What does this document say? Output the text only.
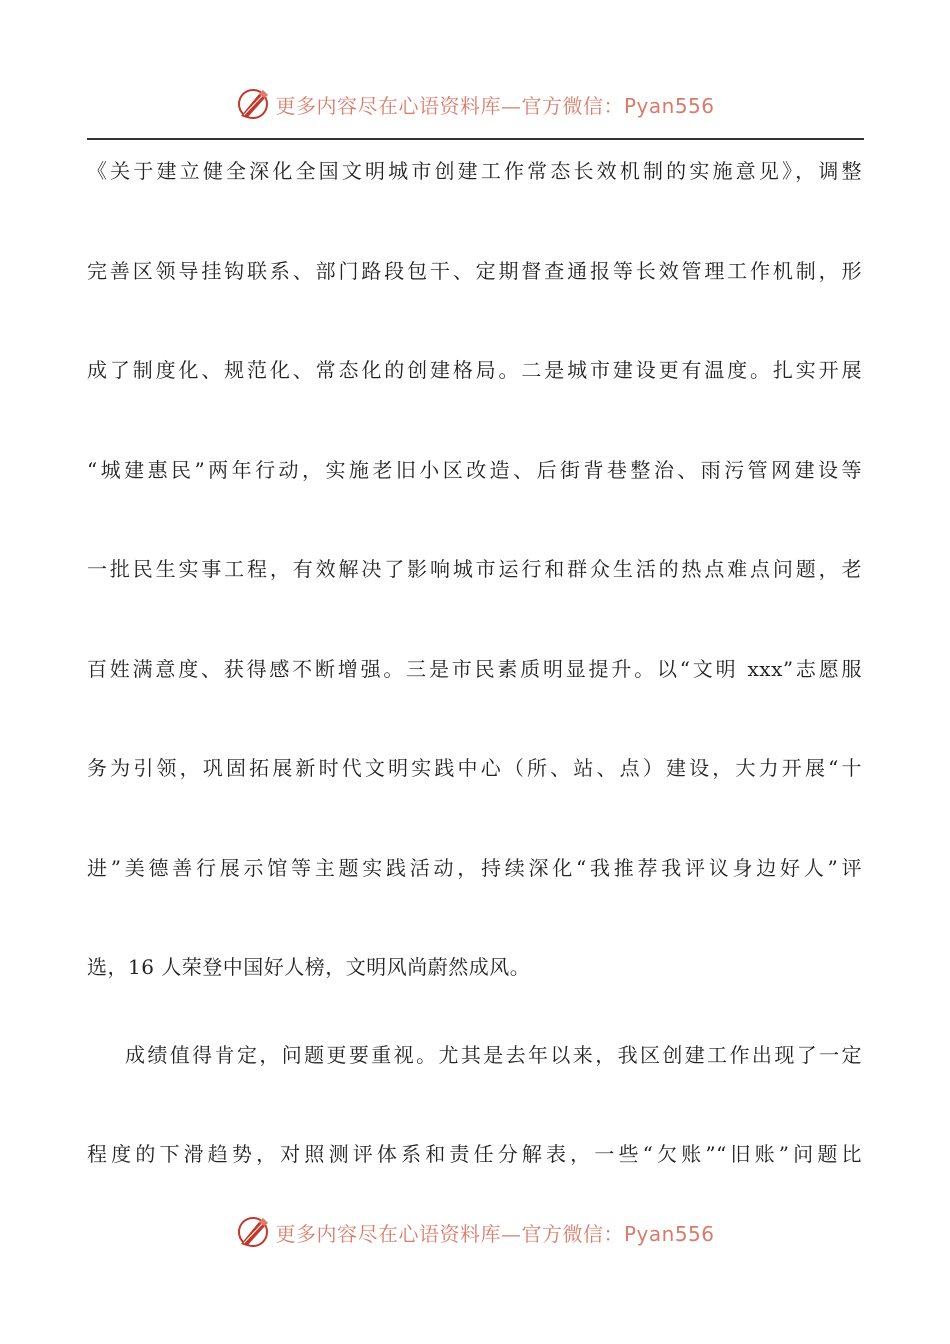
更多内容尽在心语资料库—官方微信：Pyan556
《关于建立健全深化全国文明城市创建工作常态长效机制的实施意见》，调整
完善区领导挂钩联系、部门路段包干、定期督查通报等长效管理工作机制，形
成了制度化、规范化、常态化的创建格局。二是城市建设更有温度。扎实开展
“城建惠民”两年行动，实施老旧小区改造、后街背巷整治、雨污管网建设等
一批民生实事工程，有效解决了影响城市运行和群众生活的热点难点问题，老
百姓满意度、获得感不断增强。三是市民素质明显提升。以“文明 xxx”志愿服
务为引领，巩固拓展新时代文明实践中心（所、站、点）建设，大力开展“十
进”美德善行展示馆等主题实践活动，持续深化“我推荐我评议身边好人”评
选，16 人荣登中国好人榜，文明风尚蔚然成风。
成绩值得肯定，问题更要重视。尤其是去年以来，我区创建工作出现了一定
程度的下滑趋势，对照测评体系和责任分解表，一些“欠账”“旧账”问题比
更多内容尽在心语资料库—官方微信：Pyan556
